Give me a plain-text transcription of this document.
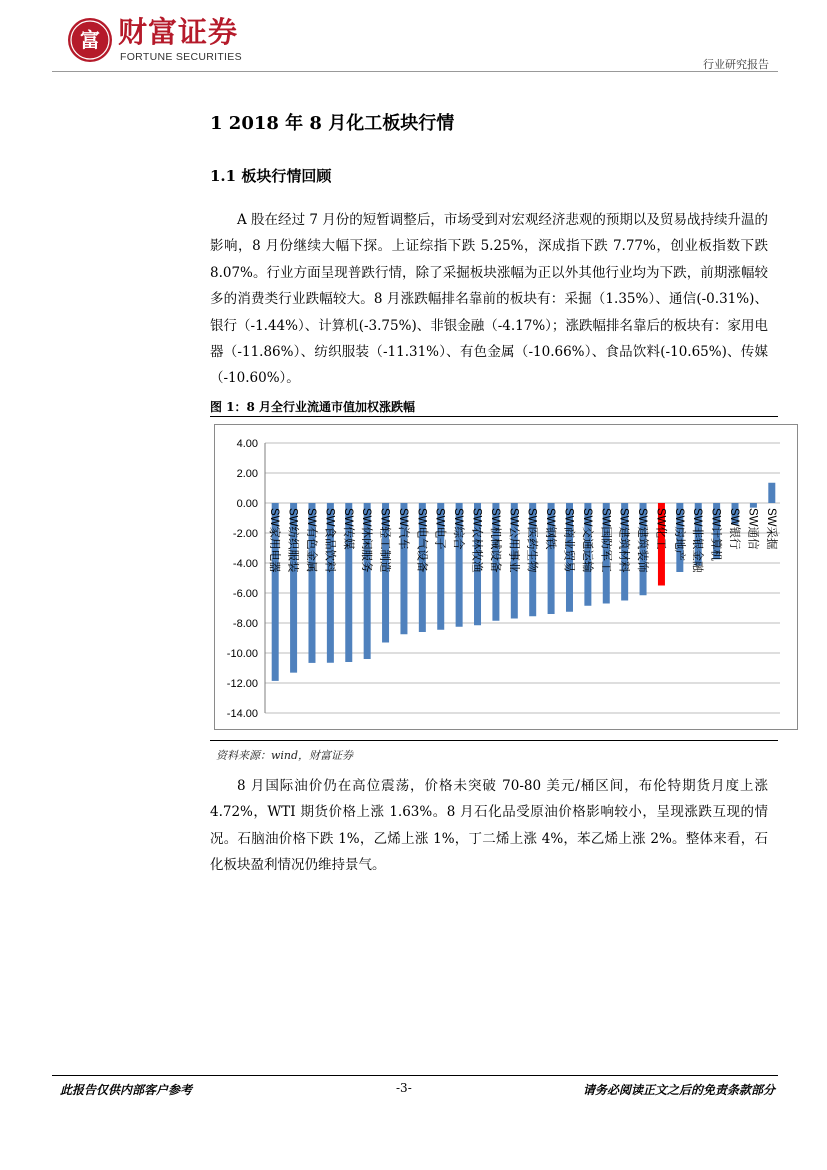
富 财富证券
FORTUNE SECURITIES
行业研究报告
1 2018 年 8 月化工板块行情
1.1 板块行情回顾
A 股在经过 7 月份的短暂调整后，市场受到对宏观经济悲观的预期以及贸易战持续升温的影响，8 月份继续大幅下探。上证综指下跌 5.25%，深成指下跌 7.77%，创业板指数下跌 8.07%。行业方面呈现普跌行情，除了采掘板块涨幅为正以外其他行业均为下跌，前期涨幅较多的消费类行业跌幅较大。8 月涨跌幅排名靠前的板块有：采掘（1.35%）、通信(-0.31%)、银行（-1.44%）、计算机(-3.75%)、非银金融（-4.17%）；涨跌幅排名靠后的板块有：家用电器（-11.86%）、纺织服装（-11.31%）、有色金属（-10.66%）、食品饮料(-10.65%)、传媒（-10.60%）。
图 1：8 月全行业流通市值加权涨跌幅
4.00
2.00
0.00
-2.00
-4.00
-6.00
-8.00
-10.00
-12.00
-14.00
SW家用电器 SW纺织服装 SW有色金属 SW食品饮料 SW传媒 SW休闲服务 SW轻工制造 SW汽车 SW电气设备 SW电子 SW综合 SW农林牧渔 SW机械设备 SW公用事业 SW医药生物 SW钢铁 SW商业贸易 SW交通运输 SW国防军工 SW建筑材料 SW建筑装饰 SW化工 SW房地产 SW非银金融 SW计算机 SW银行 SW通信 SW采掘
资料来源：wind，财富证券
8 月国际油价仍在高位震荡，价格未突破 70-80 美元/桶区间，布伦特期货月度上涨 4.72%，WTI 期货价格上涨 1.63%。8 月石化品受原油价格影响较小，呈现涨跌互现的情况。石脑油价格下跌 1%，乙烯上涨 1%，丁二烯上涨 4%，苯乙烯上涨 2%。整体来看，石化板块盈利情况仍维持景气。
此报告仅供内部客户参考	-3-	请务必阅读正文之后的免责条款部分
